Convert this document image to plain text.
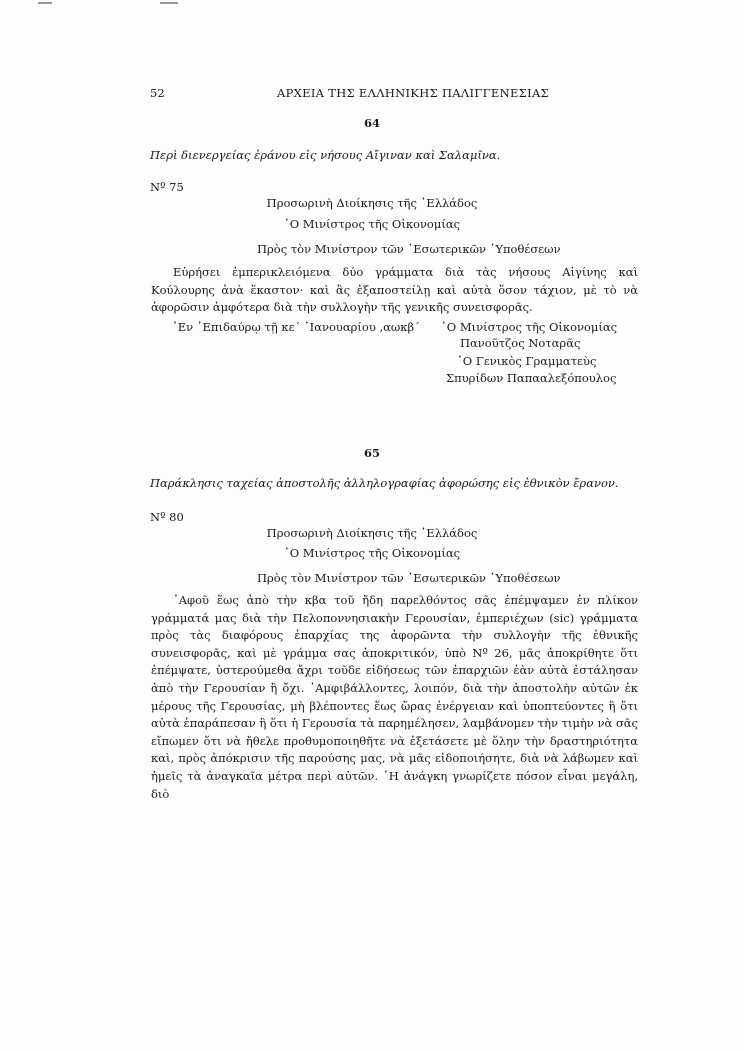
52	ΑΡΧΕΙΑ ΤΗΣ ΕΛΛΗΝΙΚΗΣ ΠΑΛΙΓΓΕΝΕΣΙΑΣ
64
Περὶ διενεργείας ἐράνου εἰς νήσους Αἴγιναν καὶ Σαλαμῖνα.
Nº 75
Προσωρινὴ Διοίκησις τῆς ᾿Ελλάδος
῾Ο Μινίστρος τῆς Οἰκονομίας
Πρὸς τὸν Μινίστρον τῶν ᾿Εσωτερικῶν ῾Υποθέσεων
Εὑρήσει ἐμπερικλειόμενα δύο γράμματα διὰ τὰς νήσους Αἰγίνης καὶ Κούλουρης ἀνὰ ἕκαστον· καὶ ἂς ἐξαποστείλῃ καὶ αὐτὰ ὅσον τάχιον, μὲ τὸ νὰ ἀφορῶσιν ἀμφότερα διὰ τὴν συλλογὴν τῆς γενικῆς συνεισφορᾶς.
᾿Εν ᾿Επιδαύρῳ τῇ κε΄ ᾿Ιανουαρίου ,αωκβ΄ ῾Ο Μινίστρος τῆς Οἰκονομίας
Πανοῦτζος Νοταρᾶς
῾Ο Γενικὸς Γραμματεὺς
Σπυρίδων Παπααλεξόπουλος
65
Παράκλησις ταχείας ἀποστολῆς ἀλληλογραφίας ἀφορώσης εἰς ἐθνικὸν ἔρανον.
Nº 80
Προσωρινὴ Διοίκησις τῆς ᾿Ελλάδος
῾Ο Μινίστρος τῆς Οἰκονομίας
Πρὸς τὸν Μινίστρον τῶν ᾿Εσωτερικῶν ῾Υποθέσεων
᾿Αφοῦ ἕως ἀπὸ τὴν κβα τοῦ ἤδη παρελθόντος σᾶς ἐπέμψαμεν ἐν πλίκον γράμματά μας διὰ τὴν Πελοποννησιακὴν Γερουσίαν, ἐμπεριέχων (sic) γράμματα πρὸς τὰς διαφόρους ἐπαρχίας της ἀφορῶντα τὴν συλλογὴν τῆς ἐθνικῆς συνεισφορᾶς, καὶ μὲ γράμμα σας ἀποκριτικόν, ὑπὸ Nº 26, μᾶς ἀποκρίθητε ὅτι ἐπέμψατε, ὑστερούμεθα ἄχρι τοῦδε εἰδήσεως τῶν ἐπαρχιῶν ἐὰν αὐτὰ ἐστάλησαν ἀπὸ τὴν Γερουσίαν ἢ ὄχι. ᾿Αμφιβάλλοντες, λοιπόν, διὰ τὴν ἀποστολὴν αὐτῶν ἐκ μέρους τῆς Γερουσίας, μὴ βλέποντες ἕως ὥρας ἐνέργειαν καὶ ὑποπτεύοντες ἢ ὅτι αὐτὰ ἐπαράπεσαν ἢ ὅτι ἡ Γερουσία τὰ παρημέλησεν, λαμβάνομεν τὴν τιμὴν νὰ σᾶς εἴπωμεν ὅτι νὰ ἤθελε προθυμοποιηθῆτε νὰ ἐξετάσετε μὲ ὅλην τὴν δραστηριότητα καὶ, πρὸς ἀπόκρισιν τῆς παρούσης μας, νὰ μᾶς εἰδοποιήσητε, διὰ νὰ λάβωμεν καὶ ἡμεῖς τὰ ἀναγκαῖα μέτρα περὶ αὐτῶν. ῾Η ἀνάγκη γνωρίζετε πόσον εἶναι μεγάλη, διὸ
